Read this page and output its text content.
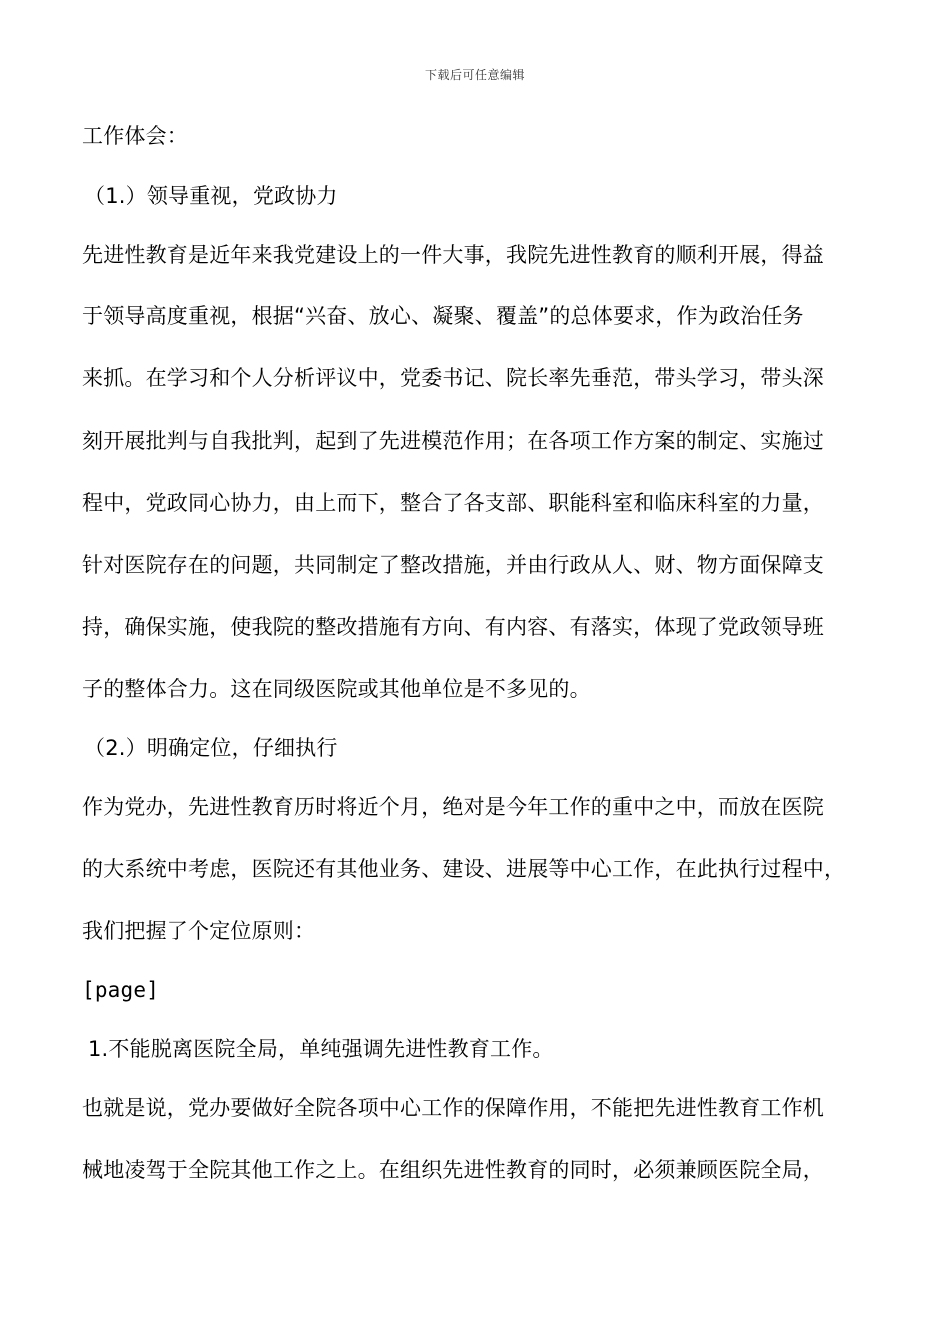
下载后可任意编辑
工作体会：
（1.）领导重视，党政协力
先进性教育是近年来我党建设上的一件大事，我院先进性教育的顺利开展，得益
于领导高度重视，根据“兴奋、放心、凝聚、覆盖”的总体要求，作为政治任务
来抓。在学习和个人分析评议中，党委书记、院长率先垂范，带头学习，带头深
刻开展批判与自我批判，起到了先进模范作用；在各项工作方案的制定、实施过
程中，党政同心协力，由上而下，整合了各支部、职能科室和临床科室的力量，
针对医院存在的问题，共同制定了整改措施，并由行政从人、财、物方面保障支
持，确保实施，使我院的整改措施有方向、有内容、有落实，体现了党政领导班
子的整体合力。这在同级医院或其他单位是不多见的。
（2.）明确定位，仔细执行
作为党办，先进性教育历时将近个月，绝对是今年工作的重中之中，而放在医院
的大系统中考虑，医院还有其他业务、建设、进展等中心工作，在此执行过程中，
我们把握了个定位原则：
[page]
1.不能脱离医院全局，单纯强调先进性教育工作。
也就是说，党办要做好全院各项中心工作的保障作用，不能把先进性教育工作机
械地凌驾于全院其他工作之上。在组织先进性教育的同时，必须兼顾医院全局，
